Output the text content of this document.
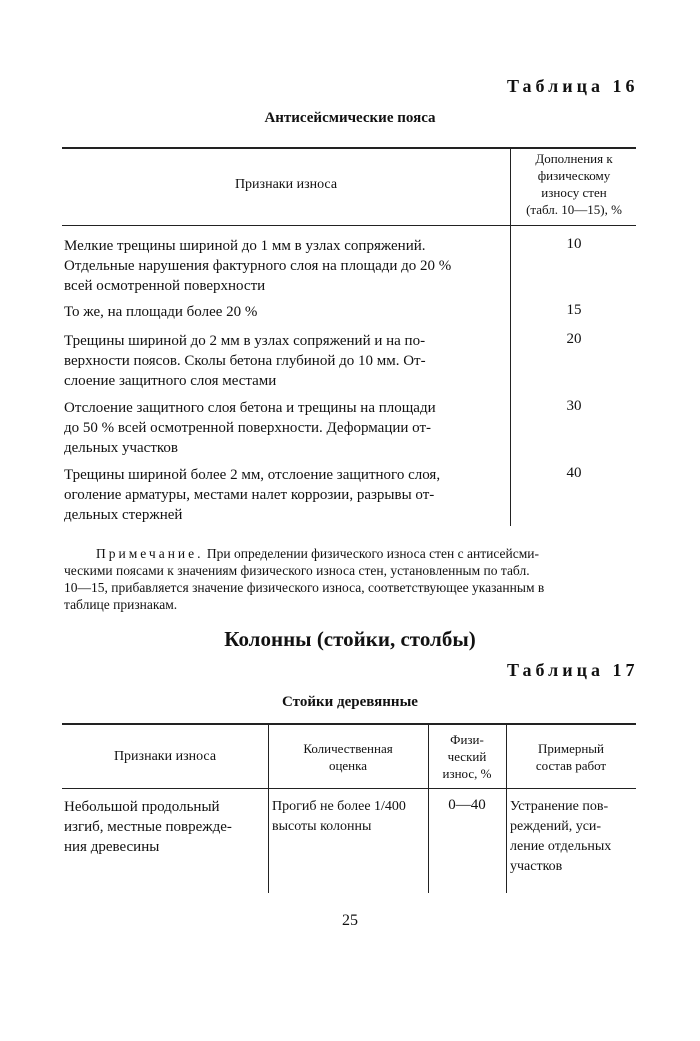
Таблица 16
Антисейсмические пояса
Признаки износа
Дополнения к
физическому
износу стен
(табл. 10—15), %
Мелкие трещины шириной до 1 мм в узлах сопряжений.
Отдельные нарушения фактурного слоя на площади до 20 %
всей осмотренной поверхности
10
То же, на площади более 20 %	15
Трещины шириной до 2 мм в узлах сопряжений и на по-
верхности поясов. Сколы бетона глубиной до 10 мм. От-
слоение защитного слоя местами
20
Отслоение защитного слоя бетона и трещины на площади
до 50 % всей осмотренной поверхности. Деформации от-
дельных участков
30
Трещины шириной более 2 мм, отслоение защитного слоя,
оголение арматуры, местами налет коррозии, разрывы от-
дельных стержней
40
Примечание. При определении физического износа стен с антисейсми-
ческими поясами к значениям физического износа стен, установленным по табл.
10—15, прибавляется значение физического износа, соответствующее указанным в
таблице признакам.
Колонны (стойки, столбы)
Таблица 17
Стойки деревянные
Признаки износа
Количественная
оценка
Физи-
ческий
износ, %
Примерный
состав работ
Небольшой продольный
изгиб, местные поврежде-
ния древесины
Прогиб не более 1/400
высоты колонны
0—40	Устранение пов-
реждений, уси-
ление отдельных
участков
25
